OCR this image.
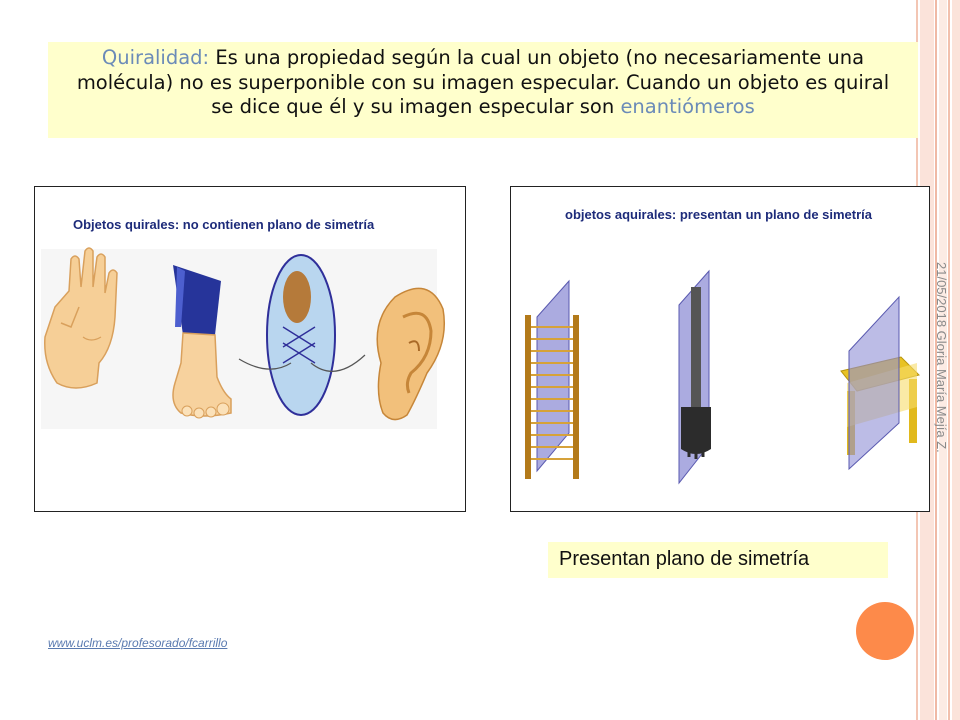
Quiralidad: Es una propiedad según la cual un objeto (no necesariamente una molécula) no es superponible con su imagen especular. Cuando un objeto es quiral se dice que él y su imagen especular son enantiómeros
Objetos quirales: no contienen plano de simetría
objetos aquirales: presentan un plano de simetría
21/05/2018 Gloria María Mejía Z.
Presentan plano de simetría
www.uclm.es/profesorado/fcarrillo
